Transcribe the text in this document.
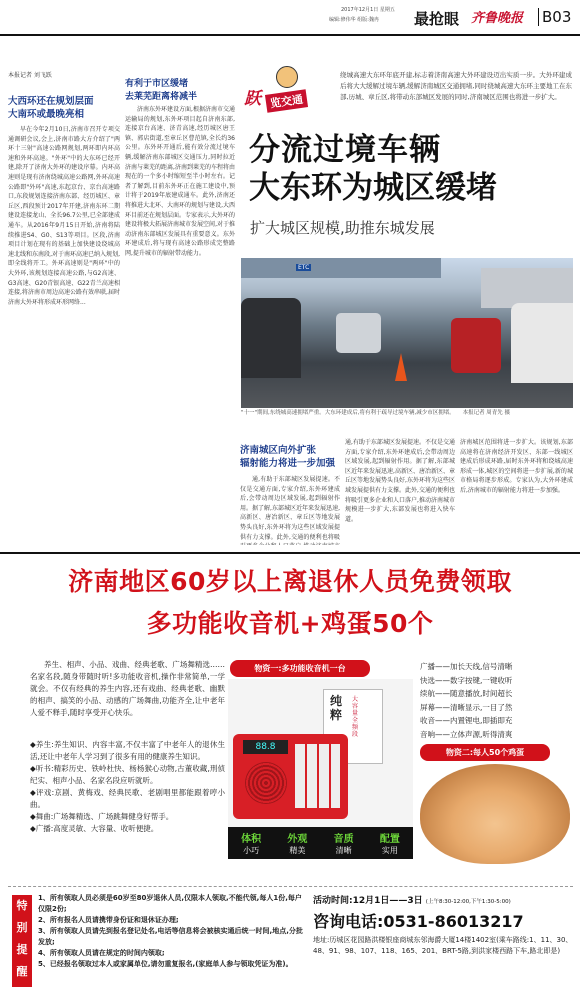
2017年12月1日 星期五
编辑:修伟华 组版:魏冉 最抢眼 齐鲁晚报 B03
本报记者 刘飞跃
大西环还在规划层面
大南环或最晚亮相
早在今年2月10日,济南市召开专项交通调研会议,会上,济南市路大方介绍了"两环十三射"高速公路网规划,两环即内环高速和外环高速。"外环"中的大东环已经开建,除开了济南大外环的建设序幕。内环高速则是现有济南绕城高速公路网,外环高速公路即"外环"高速,东起京台、京台高速路口,东段规划连接济南东部、经历城区、章丘区,西段预计2017年开建,济南东环二期建设连接龙山、全长96.7公里,已全部建成通车。从2016年9月15日开始,济南将陆续推进S4、G0、S13等项目。区段,济南项目计划在现有的基础上加快建设绕城高速北线和东南段,对于南环高速已纳入规划,即全线将开工。外环高速则是"两环"中的大外环,该规划连接高速公路,与G2高速、G3高速、G20青银高速、G22青兰高速相连接,将济南市周边高速公路有效串联,届时济南大外环将形成环形网络...
有利于市区缓堵
去莱芜距离将减半
济南东外环建设方面,根据济南市交通运输局的规划,东外环项目起自济南东部,连接京台高速、济青高速,经历城区唐王镇、郭店街道,至章丘区曹范镇,全长约36公里。东外环开通后,能有效分流过境车辆,缓解济南东部城区交通压力,同时拉近济南与莱芜的距离,济南到莱芜的车程将由现在的一个多小时缩短至半小时左右。记者了解到,目前东外环正在施工建设中,预计将于2019年底建成通车。此外,济南还将推进大北环、大南环的规划与建设,大西环目前还在规划层面。专家表示,大外环的建设将极大拓展济南城市发展空间,对于推动济南东部城区发展具有重要意义。东外环建成后,将与现有高速公路形成完整路网,提升城市的辐射带动能力。
跃 览交通
绕城高速大东环年底开建,标志着济南高速大外环建设迈出实质一步。大外环建成后将大大缓解过境车辆,缓解济南城区交通拥堵,同时绕城高速大东环主要地工在东部,历城、章丘区,将带动东部城区发展的同时,济南城区范围也将进一步扩大。
分流过境车辆
大东环为城区缓堵
扩大城区规模,助推东城发展
ETC
"十一"期间,东绕城高速拥堵严重。大东环建成后,将有利于疏导过境车辆,减少市区拥堵。 本报记者 周青先 摄
济南城区向外扩张
辐射能力将进一步加强
通,有助于东部城区发展提速。不仅是交通方面,专家介绍,东外环建成后,会带动周边区域发展,起到辐射作用。据了解,东部城区近年来发展迅速,高新区、唐冶新区、章丘区等地发展势头良好,东外环将为这些区域发展提供有力支撑。此外,交通的便利也将吸
通,有助于东部城区发展提速。不仅是交通方面,专家介绍,东外环建成后,会带动周边区域发展,起到辐射作用。据了解,东部城区近年来发展迅速,高新区、唐冶新区、章丘区等地发展势头良好,东外环将为这些区域发展提供有力支撑。此外,交通的便利也将吸引更多企业和人口落户,推动济南城市规模进一步扩大,东部发展也将进入快车道。
济南城区范围将进一步扩大。该规划,东部高速将在济南经济开发区、东部一线城区建成后形成环路,届时东外环将和绕城高速形成一体,城区的空间将进一步扩展,新的城市格局将逐步形成。专家认为,大外环建成后,济南城市的辐射能力将进一步加强。
济南地区60岁以上离退休人员免费领取
多功能收音机+鸡蛋50个
养生、相声、小品、戏曲、经典老歌、广场舞精选……名家名段,随身带随时听!多功能收音机,操作非常简单,一学就会。不仅有经典的养生内容,还有戏曲、经典老歌、幽默的相声、搞笑的小品、动感的广场舞曲,功能齐全,让中老年人爱不释手,随时享受开心快乐。
◆养生:养生知识、内容丰富,不仅丰富了中老年人的退休生活,还让中老年人学习到了很多有用的健康养生知识。
◆听书:精彩历史、铁岭杜快、杨杨猴心动物,古董收藏,刑侦纪实、相声小品、名家名段应听就听。
◆评戏:京剧、黄梅戏、经典民歌、老剧唱里都能跟着哼小曲。
◆舞曲:广场舞精选、广场跳舞健身好帮手。
◆广播:高度灵敏、大容量、收听便捷。
物资一:多功能收音机一台
纯
粹
大容量全频段
88.8
体积	外观	音质	配置
小巧	精美	清晰	实用
广播——加长天线,信号清晰
快选——数字按键,一键收听
续航——随意播放,时间超长
屏幕——清晰显示,一目了然
收音——内置锂电,即插即充
音响——立体声源,听得清爽
物资二:每人50个鸡蛋
特
别
提
醒
1、所有领取人员必须是60岁至80岁退休人员,仅限本人领取,不能代领,每人1份,每户仅限2份;
2、所有报名人员请携带身份证和退休证办理;
3、所有领取人员请先到报名登记处名,电话等信息将会被核实通后统一时间,地点,分批发放;
4、所有领取人员请在规定的时间内领取;
5、已经报名领取过本人或家属单位,请勿重复报名,(家庭单人参与领取凭证为准)。
活动时间:12月1日——3日 (上午8:30-12:00,下午1:30-5:00)
咨询电话:0531-86013217
地址:历城区花园路洪楼银座商城东邻海爵大厦14楼1402室(乘车路线:1、11、30、48、91、98、107、118、165、201、BRT-5路,到洪家楼西路下车,路北即是)
